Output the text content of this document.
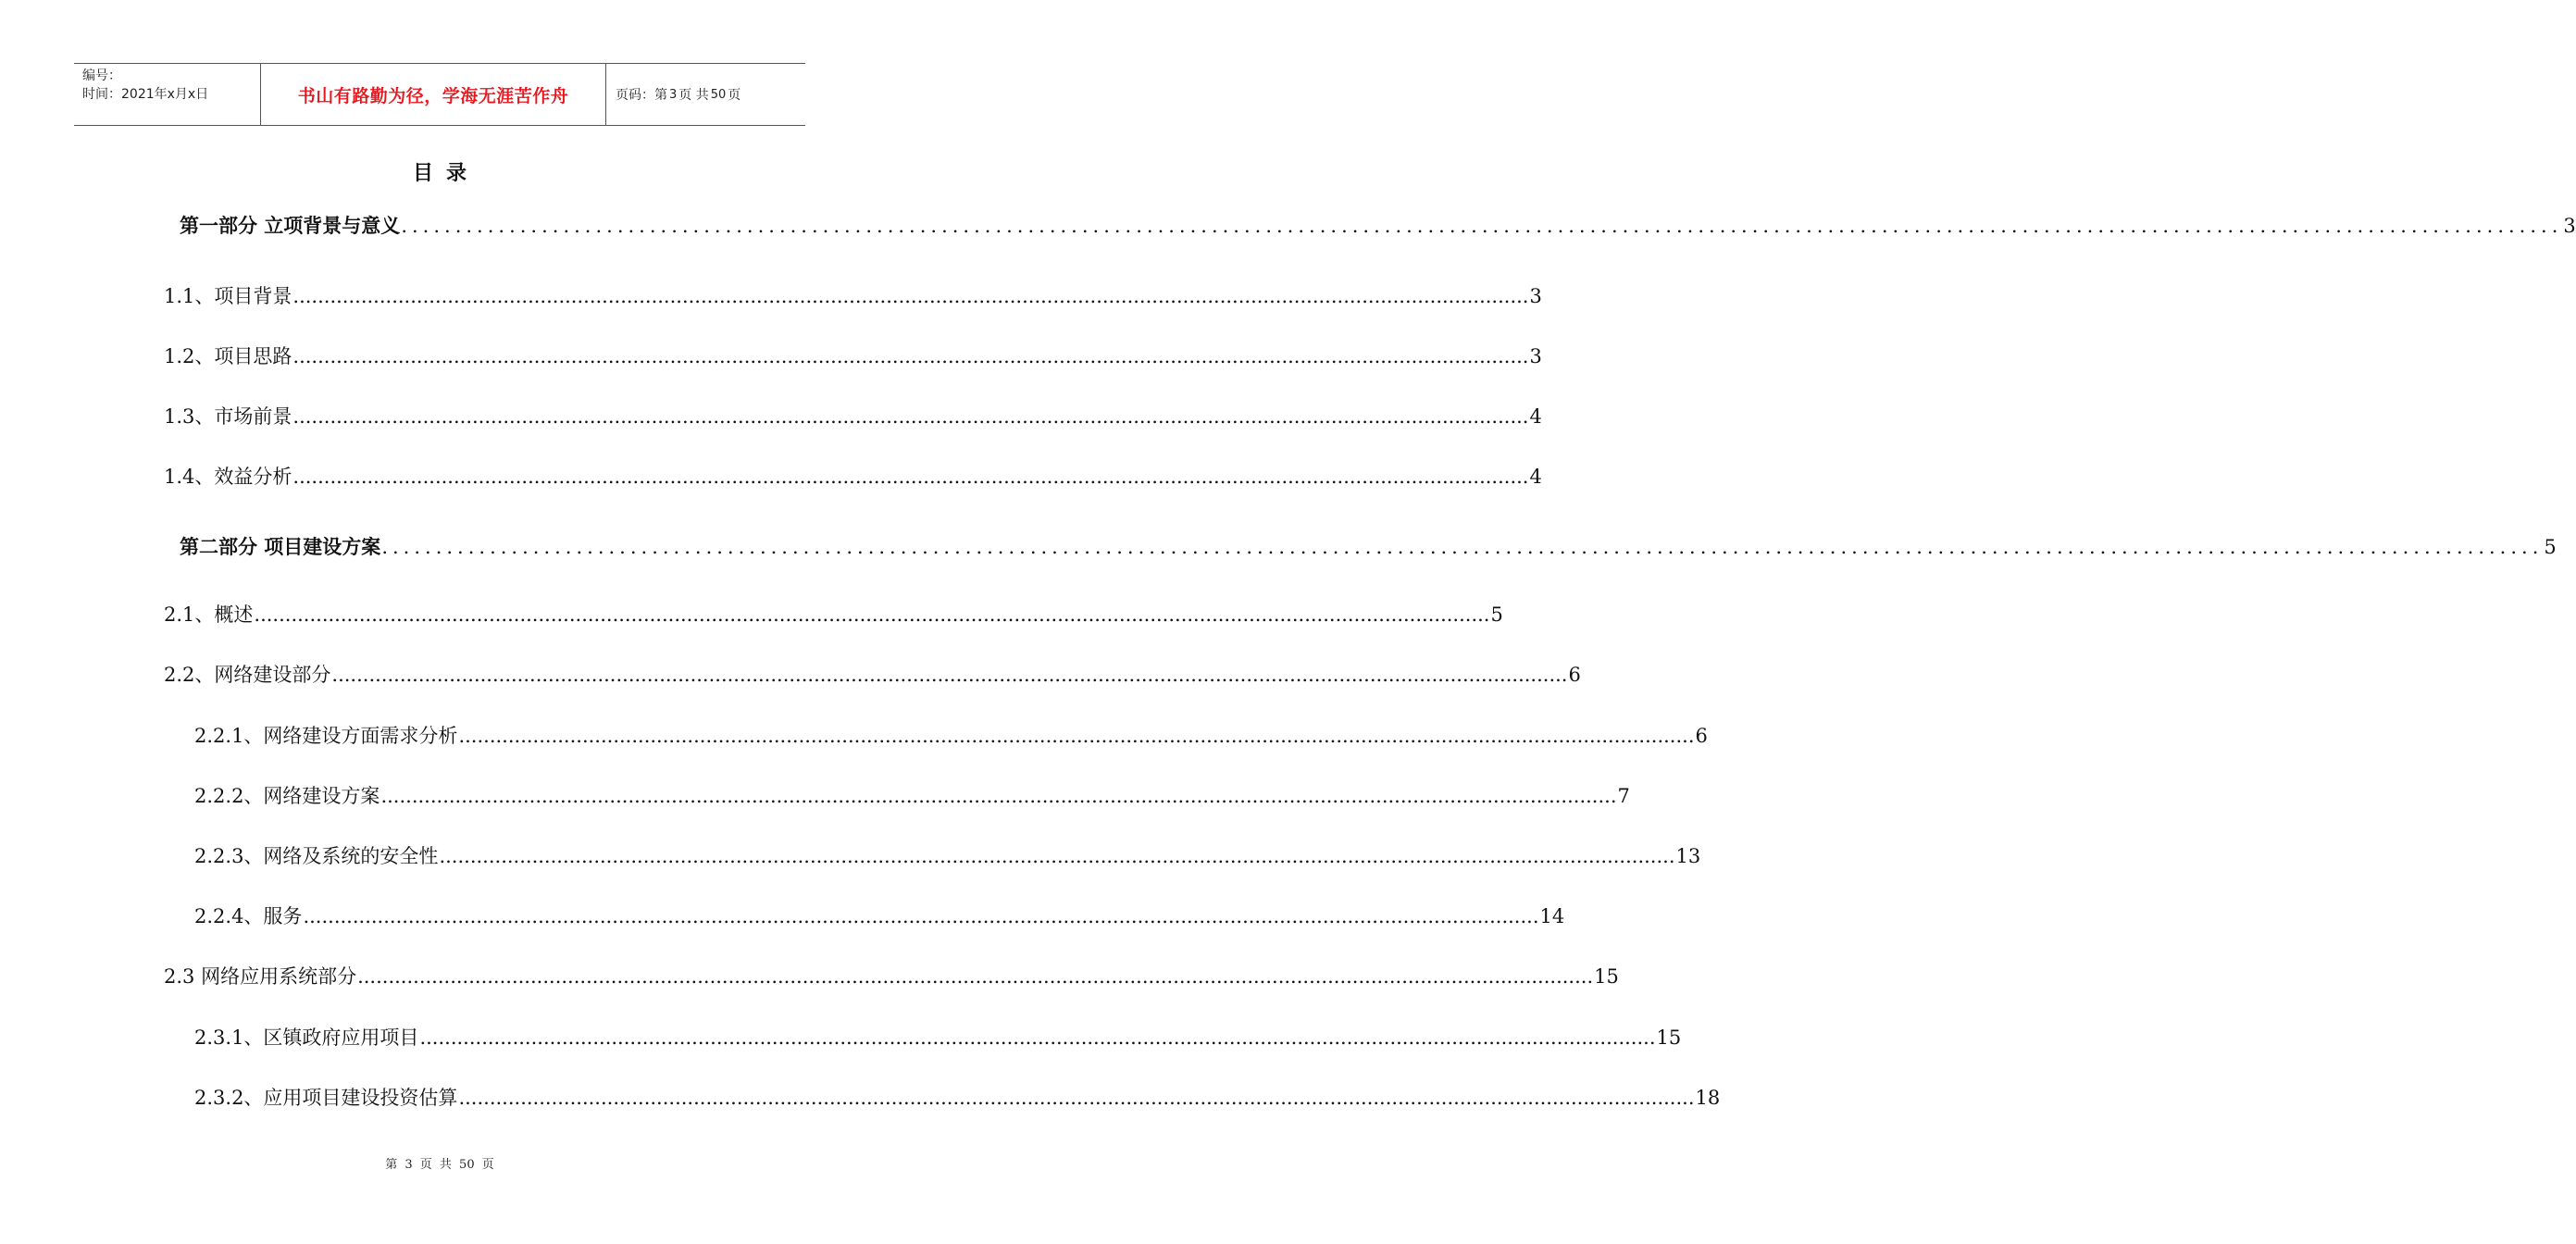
编号：
时间：2021年x月x日	书山有路勤为径，学海无涯苦作舟	页码：第 3 页 共 50 页
目录
第一部分 立项背景与意义 ........................................................................................................................................................................................................ 3
1.1、项目背景 ........................................................................................................................................................................................................ 3
1.2、项目思路 ........................................................................................................................................................................................................ 3
1.3、市场前景 ........................................................................................................................................................................................................ 4
1.4、效益分析 ........................................................................................................................................................................................................ 4
第二部分 项目建设方案 ........................................................................................................................................................................................................ 5
2.1、概述 ........................................................................................................................................................................................................ 5
2.2、网络建设部分 ........................................................................................................................................................................................................ 6
2.2.1、网络建设方面需求分析 ........................................................................................................................................................................................................ 6
2.2.2、网络建设方案 ........................................................................................................................................................................................................ 7
2.2.3、网络及系统的安全性 ........................................................................................................................................................................................................ 13
2.2.4、服务 ........................................................................................................................................................................................................ 14
2.3 网络应用系统部分 ........................................................................................................................................................................................................ 15
2.3.1、区镇政府应用项目 ........................................................................................................................................................................................................ 15
2.3.2、应用项目建设投资估算 ........................................................................................................................................................................................................ 18
第 3 页 共 50 页
